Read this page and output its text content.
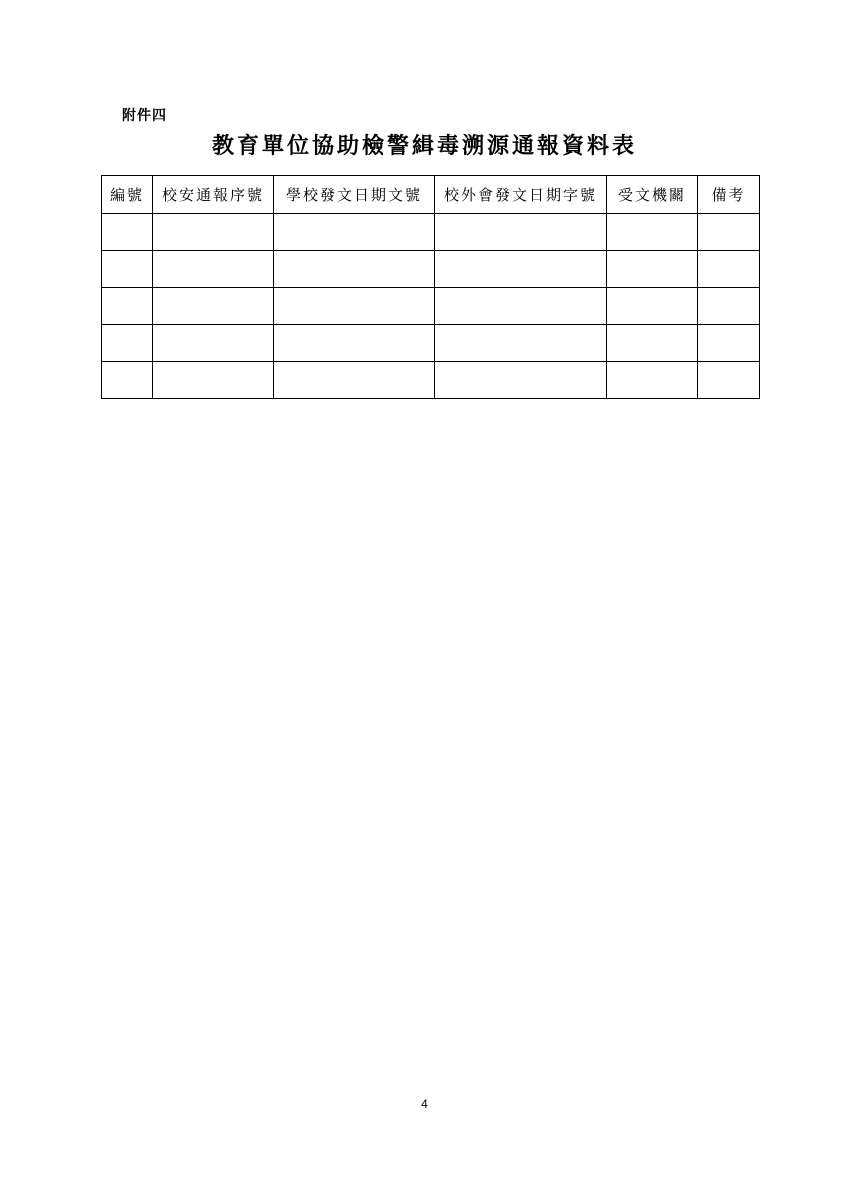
附件四
教育單位協助檢警緝毒溯源通報資料表
編號	校安通報序號	學校發文日期文號	校外會發文日期字號	受文機關	備考

4
